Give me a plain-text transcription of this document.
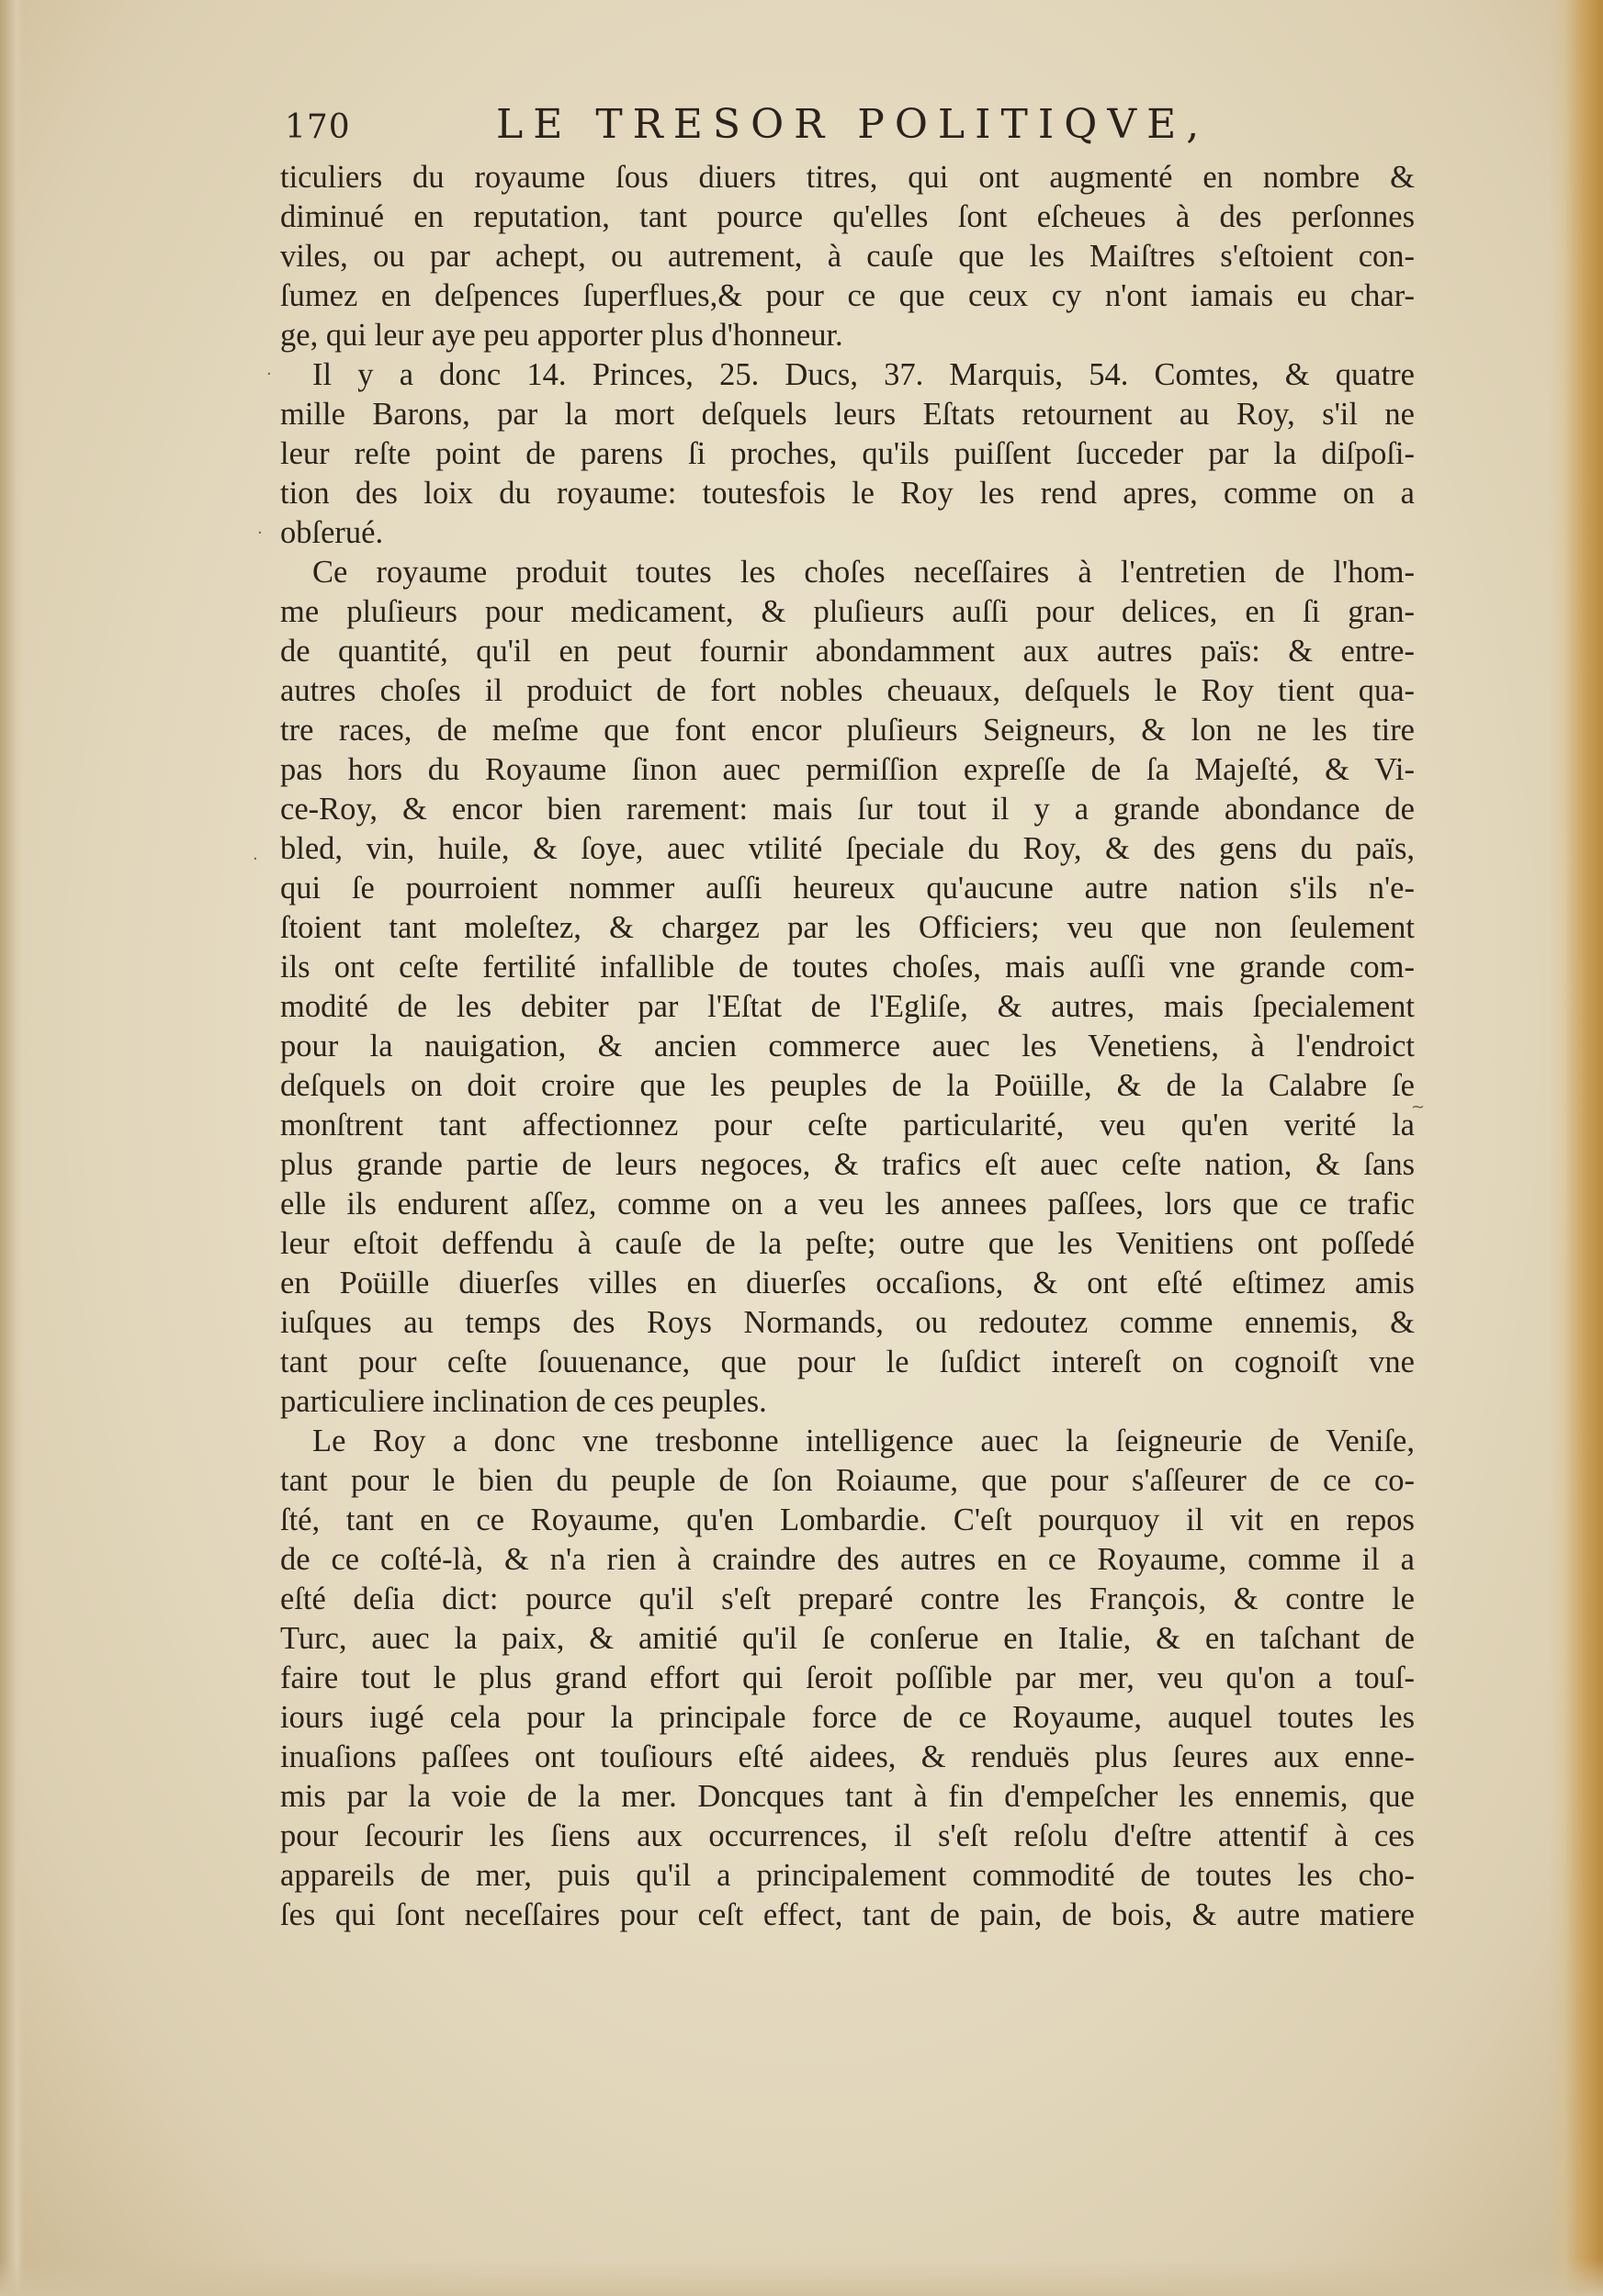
170	LE TRESOR POLITIQVE,
ticuliers du royaume ſous diuers titres, qui ont augmenté en nombre &
diminué en reputation, tant pource qu'elles ſont eſcheues à des perſonnes
viles, ou par achept, ou autrement, à cauſe que les Maiſtres s'eſtoient con-
ſumez en deſpences ſuperflues,& pour ce que ceux cy n'ont iamais eu char-
ge, qui leur aye peu apporter plus d'honneur.
Il y a donc 14. Princes, 25. Ducs, 37. Marquis, 54. Comtes, & quatre
mille Barons, par la mort deſquels leurs Eſtats retournent au Roy, s'il ne
leur reſte point de parens ſi proches, qu'ils puiſſent ſucceder par la diſpoſi-
tion des loix du royaume: toutesfois le Roy les rend apres, comme on a
obſerué.
Ce royaume produit toutes les choſes neceſſaires à l'entretien de l'hom-
me pluſieurs pour medicament, & pluſieurs auſſi pour delices, en ſi gran-
de quantité, qu'il en peut fournir abondamment aux autres païs: & entre-
autres choſes il produict de fort nobles cheuaux, deſquels le Roy tient qua-
tre races, de meſme que font encor pluſieurs Seigneurs, & lon ne les tire
pas hors du Royaume ſinon auec permiſſion expreſſe de ſa Majeſté, & Vi-
ce-Roy, & encor bien rarement: mais ſur tout il y a grande abondance de
bled, vin, huile, & ſoye, auec vtilité ſpeciale du Roy, & des gens du païs,
qui ſe pourroient nommer auſſi heureux qu'aucune autre nation s'ils n'e-
ſtoient tant moleſtez, & chargez par les Officiers; veu que non ſeulement
ils ont ceſte fertilité infallible de toutes choſes, mais auſſi vne grande com-
modité de les debiter par l'Eſtat de l'Egliſe, & autres, mais ſpecialement
pour la nauigation, & ancien commerce auec les Venetiens, à l'endroict
deſquels on doit croire que les peuples de la Poüille, & de la Calabre ſe
monſtrent tant affectionnez pour ceſte particularité, veu qu'en verité la
plus grande partie de leurs negoces, & trafics eſt auec ceſte nation, & ſans
elle ils endurent aſſez, comme on a veu les annees paſſees, lors que ce trafic
leur eſtoit deffendu à cauſe de la peſte; outre que les Venitiens ont poſſedé
en Poüille diuerſes villes en diuerſes occaſions, & ont eſté eſtimez amis
iuſques au temps des Roys Normands, ou redoutez comme ennemis, &
tant pour ceſte ſouuenance, que pour le ſuſdict intereſt on cognoiſt vne
particuliere inclination de ces peuples.
Le Roy a donc vne tresbonne intelligence auec la ſeigneurie de Veniſe,
tant pour le bien du peuple de ſon Roiaume, que pour s'aſſeurer de ce co-
ſté, tant en ce Royaume, qu'en Lombardie. C'eſt pourquoy il vit en repos
de ce coſté-là, & n'a rien à craindre des autres en ce Royaume, comme il a
eſté deſia dict: pource qu'il s'eſt preparé contre les François, & contre le
Turc, auec la paix, & amitié qu'il ſe conſerue en Italie, & en taſchant de
faire tout le plus grand effort qui ſeroit poſſible par mer, veu qu'on a touſ-
iours iugé cela pour la principale force de ce Royaume, auquel toutes les
inuaſions paſſees ont touſiours eſté aidees, & renduës plus ſeures aux enne-
mis par la voie de la mer. Doncques tant à fin d'empeſcher les ennemis, que
pour ſecourir les ſiens aux occurrences, il s'eſt reſolu d'eſtre attentif à ces
appareils de mer, puis qu'il a principalement commodité de toutes les cho-
ſes qui ſont neceſſaires pour ceſt effect, tant de pain, de bois, & autre matiere
·
·
·
~
